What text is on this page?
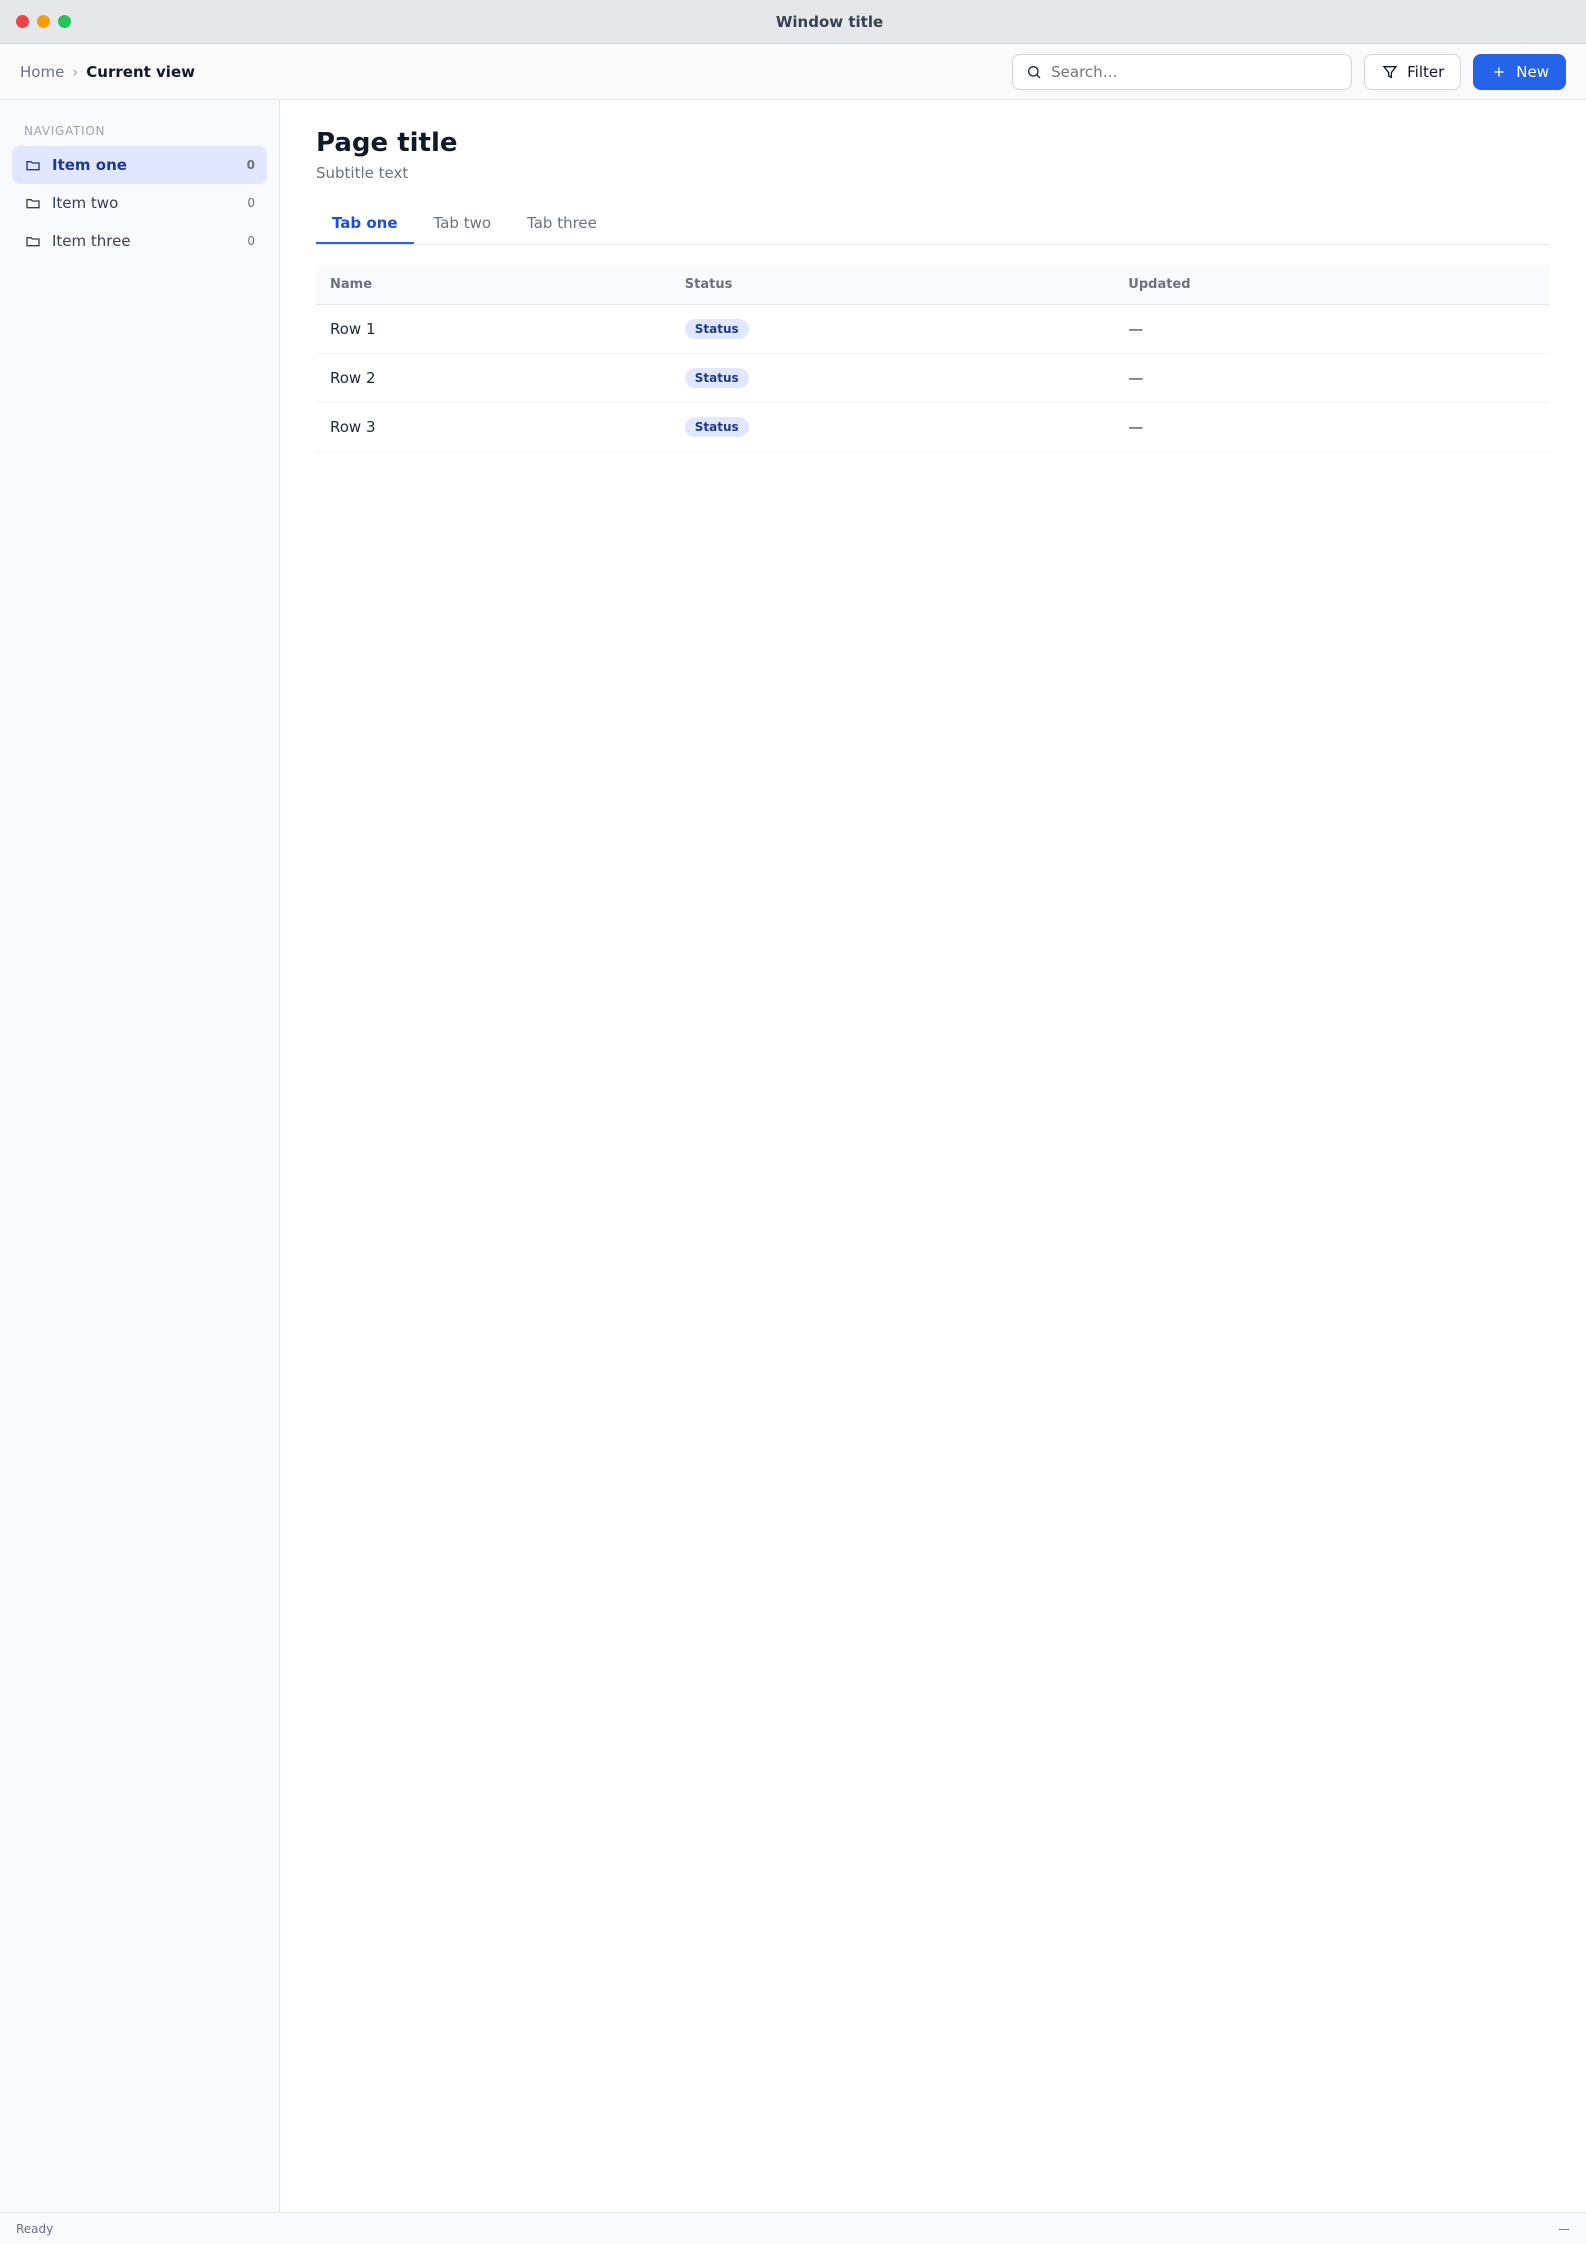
Window title
Home › Current view
Search…	Filter	New
NAVIGATION
Item one	0
Item two	0
Item three	0
Page title

Subtitle text

Tab one	Tab two	Tab three
Name	Status	Updated
Row 1	Status	—
Row 2	Status	—
Row 3	Status	—
Ready	—
